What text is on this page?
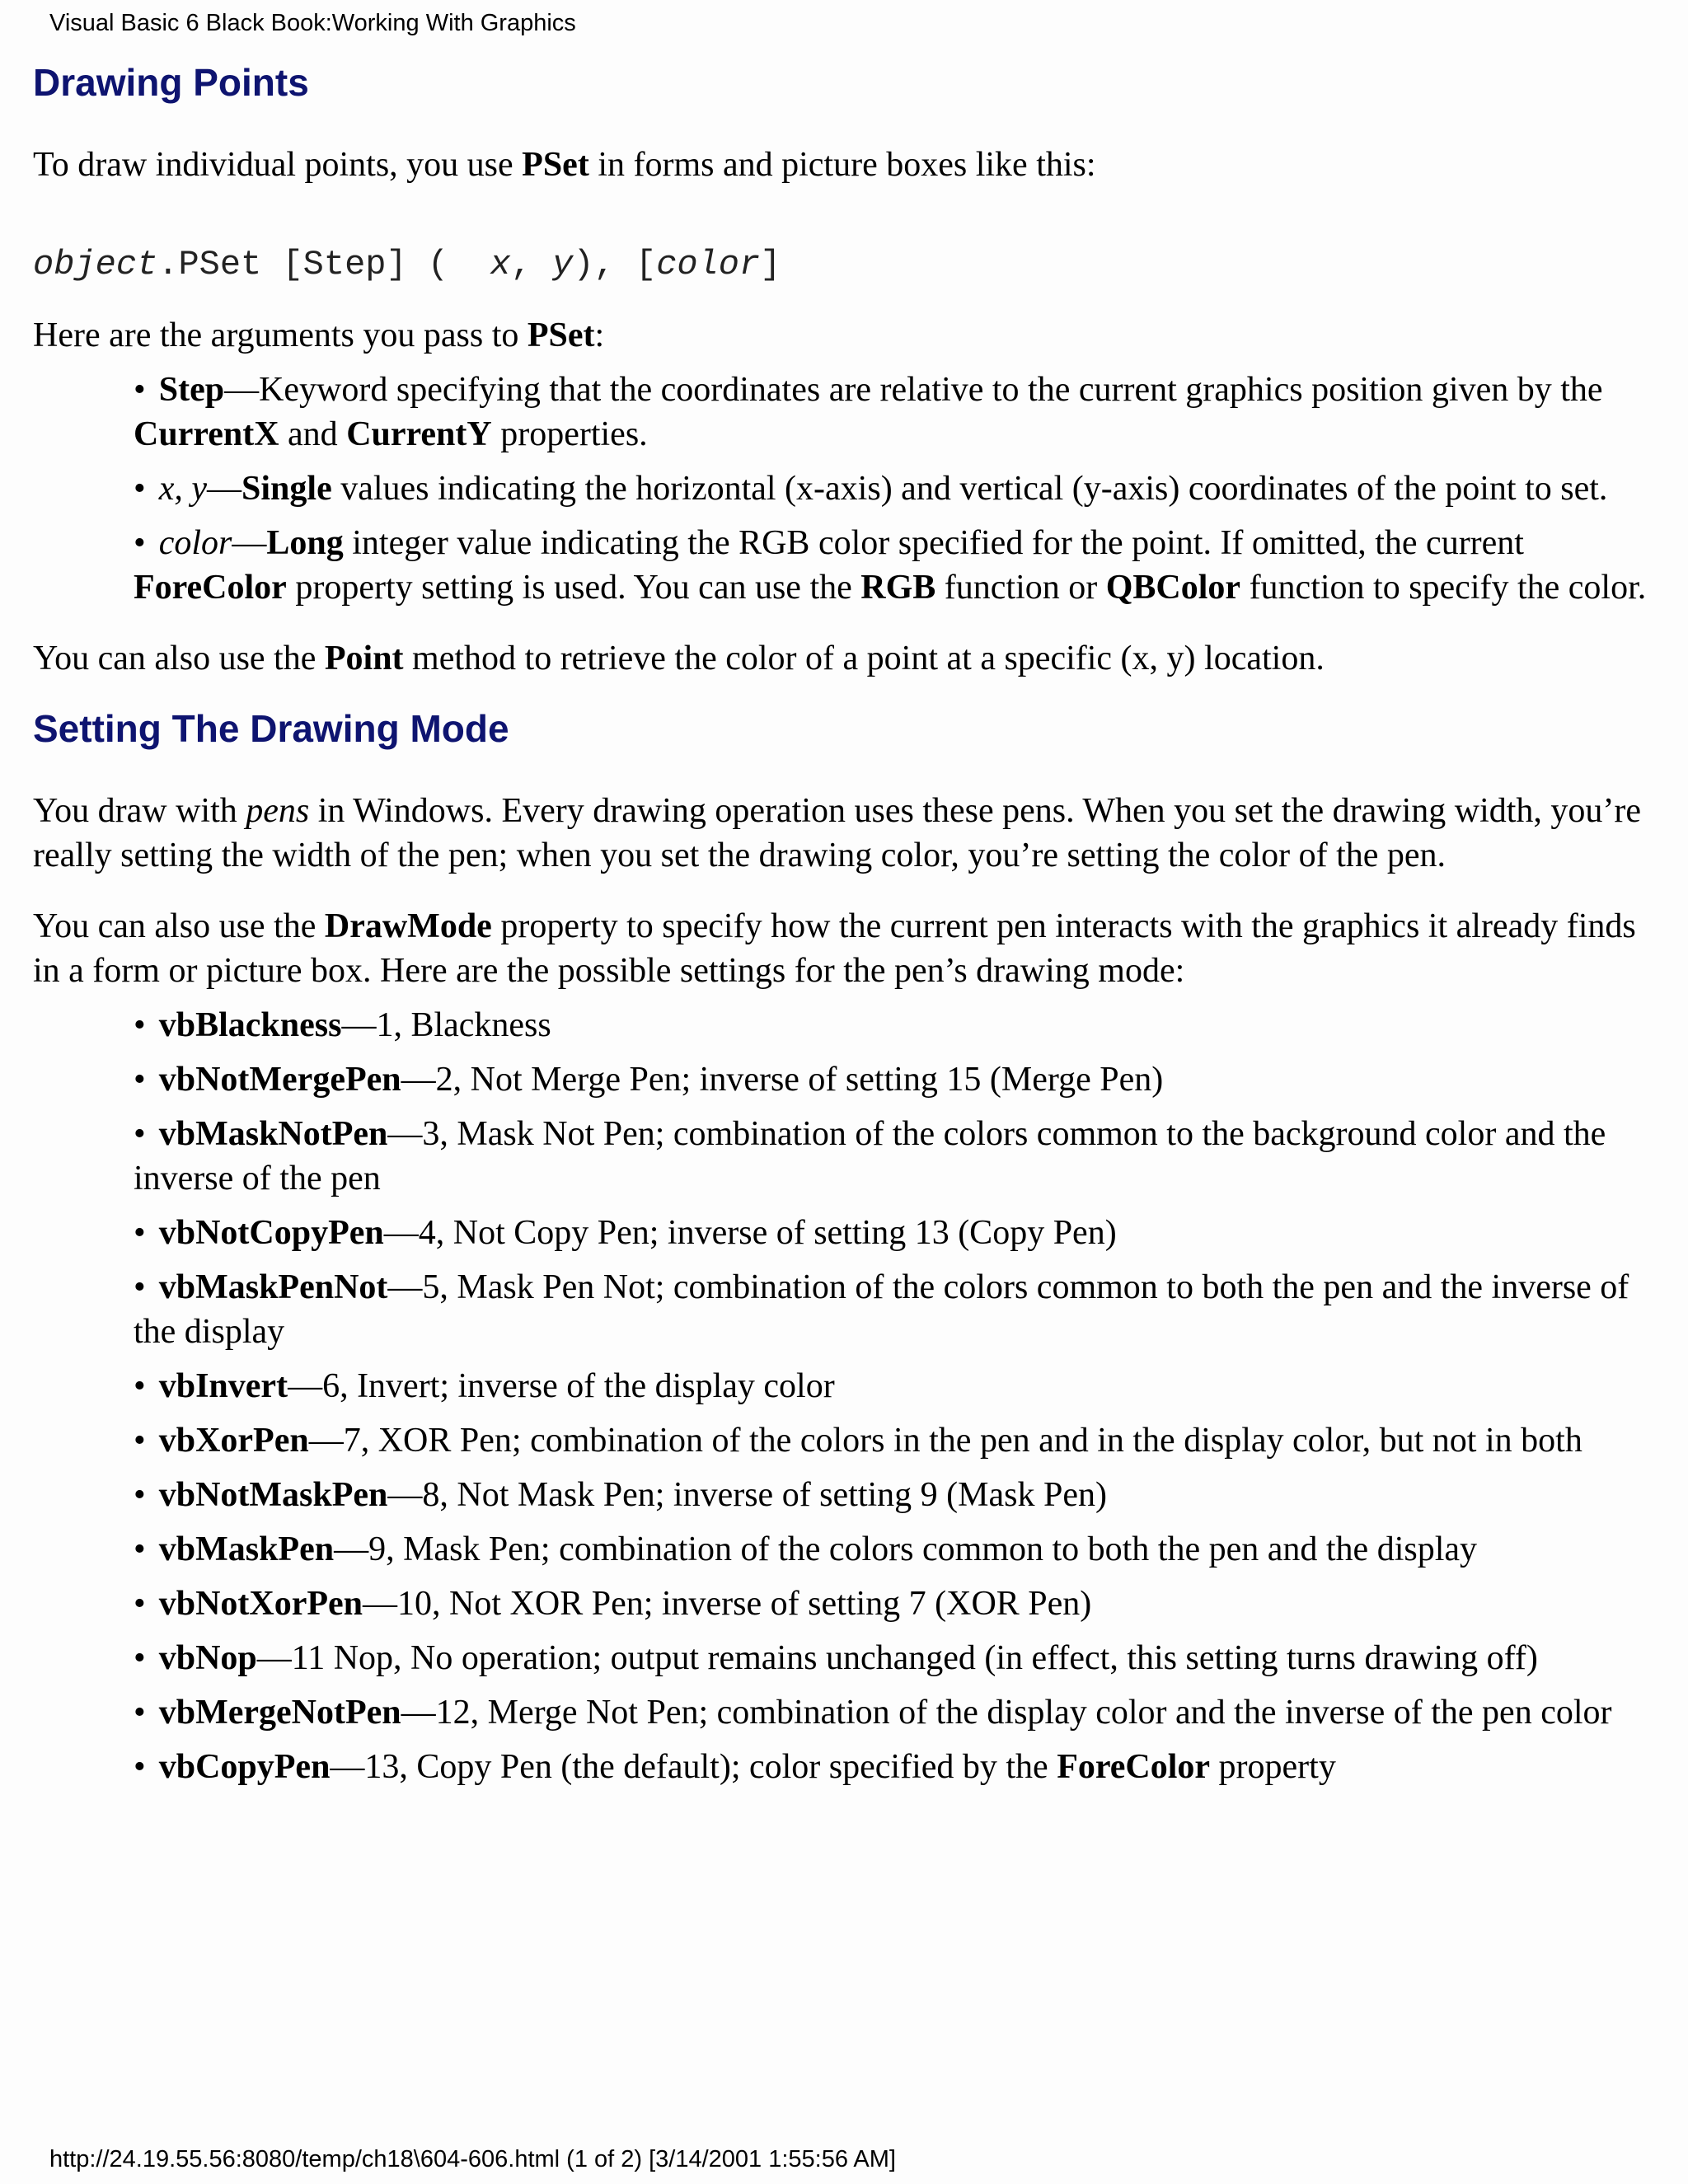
Visual Basic 6 Black Book:Working With Graphics
Drawing Points

To draw individual points, you use PSet in forms and picture boxes like this:

object.PSet [Step] (  x, y), [color]

Here are the arguments you pass to PSet:

• Step—Keyword specifying that the coordinates are relative to the current graphics position given by the CurrentX and CurrentY properties.
• x, y—Single values indicating the horizontal (x-axis) and vertical (y-axis) coordinates of the point to set.
• color—Long integer value indicating the RGB color specified for the point. If omitted, the current ForeColor property setting is used. You can use the RGB function or QBColor function to specify the color.

You can also use the Point method to retrieve the color of a point at a specific (x, y) location.

Setting The Drawing Mode

You draw with pens in Windows. Every drawing operation uses these pens. When you set the drawing width, you’re really setting the width of the pen; when you set the drawing color, you’re setting the color of the pen.

You can also use the DrawMode property to specify how the current pen interacts with the graphics it already finds in a form or picture box. Here are the possible settings for the pen’s drawing mode:

• vbBlackness—1, Blackness
• vbNotMergePen—2, Not Merge Pen; inverse of setting 15 (Merge Pen)
• vbMaskNotPen—3, Mask Not Pen; combination of the colors common to the background color and the inverse of the pen
• vbNotCopyPen—4, Not Copy Pen; inverse of setting 13 (Copy Pen)
• vbMaskPenNot—5, Mask Pen Not; combination of the colors common to both the pen and the inverse of the display
• vbInvert—6, Invert; inverse of the display color
• vbXorPen—7, XOR Pen; combination of the colors in the pen and in the display color, but not in both
• vbNotMaskPen—8, Not Mask Pen; inverse of setting 9 (Mask Pen)
• vbMaskPen—9, Mask Pen; combination of the colors common to both the pen and the display
• vbNotXorPen—10, Not XOR Pen; inverse of setting 7 (XOR Pen)
• vbNop—11 Nop, No operation; output remains unchanged (in effect, this setting turns drawing off)
• vbMergeNotPen—12, Merge Not Pen; combination of the display color and the inverse of the pen color
• vbCopyPen—13, Copy Pen (the default); color specified by the ForeColor property
http://24.19.55.56:8080/temp/ch18\604-606.html (1 of 2) [3/14/2001 1:55:56 AM]
